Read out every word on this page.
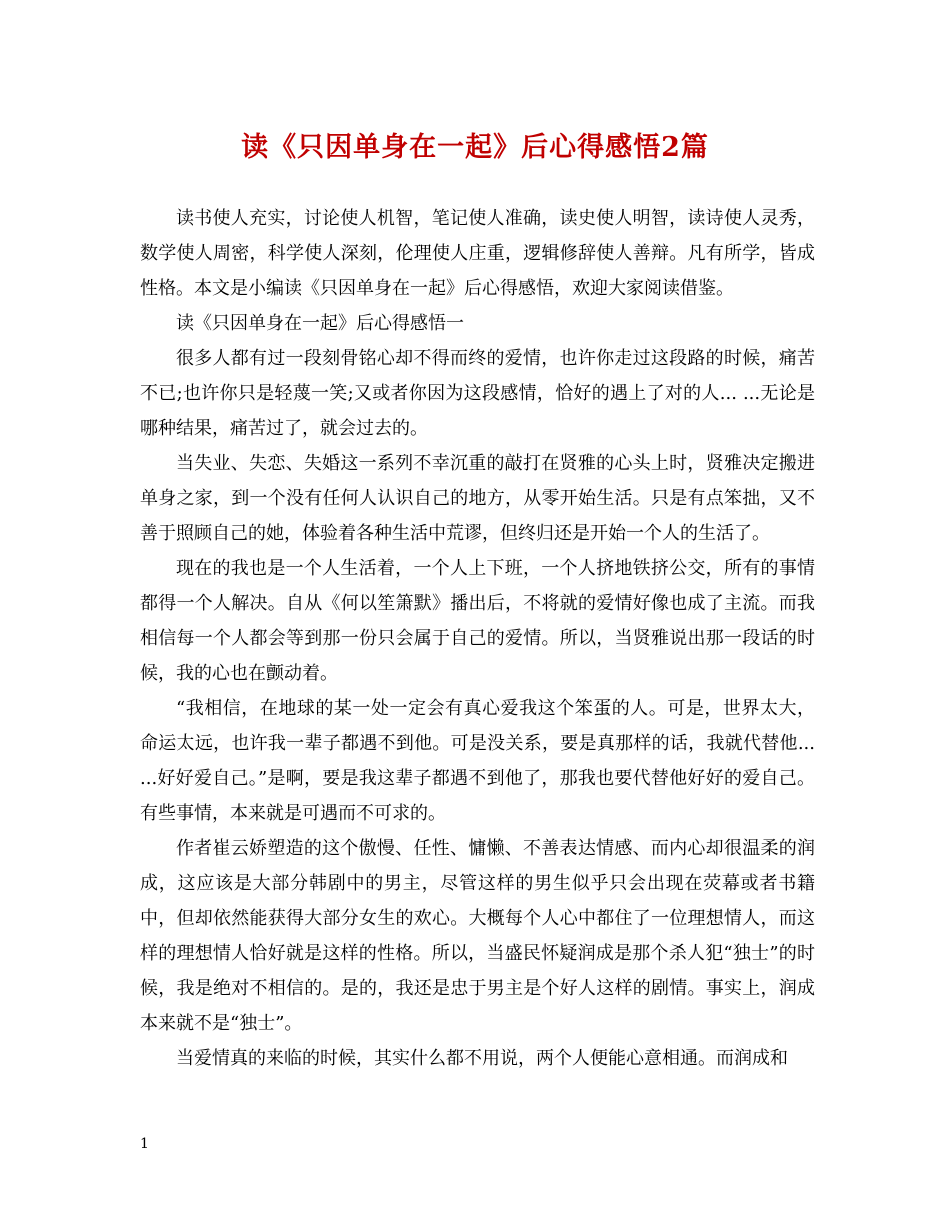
读《只因单身在一起》后心得感悟2篇

读书使人充实，讨论使人机智，笔记使人准确，读史使人明智，读诗使人灵秀，数学使人周密，科学使人深刻，伦理使人庄重，逻辑修辞使人善辩。凡有所学，皆成性格。本文是小编读《只因单身在一起》后心得感悟，欢迎大家阅读借鉴。

读《只因单身在一起》后心得感悟一

很多人都有过一段刻骨铭心却不得而终的爱情，也许你走过这段路的时候，痛苦不已;也许你只是轻蔑一笑;又或者你因为这段感情，恰好的遇上了对的人... ...无论是哪种结果，痛苦过了，就会过去的。

当失业、失恋、失婚这一系列不幸沉重的敲打在贤雅的心头上时，贤雅决定搬进单身之家，到一个没有任何人认识自己的地方，从零开始生活。只是有点笨拙，又不善于照顾自己的她，体验着各种生活中荒谬，但终归还是开始一个人的生活了。

现在的我也是一个人生活着，一个人上下班，一个人挤地铁挤公交，所有的事情都得一个人解决。自从《何以笙箫默》播出后，不将就的爱情好像也成了主流。而我相信每一个人都会等到那一份只会属于自己的爱情。所以，当贤雅说出那一段话的时候，我的心也在颤动着。

“我相信，在地球的某一处一定会有真心爱我这个笨蛋的人。可是，世界太大，命运太远，也许我一辈子都遇不到他。可是没关系，要是真那样的话，我就代替他... ...好好爱自己。”是啊，要是我这辈子都遇不到他了，那我也要代替他好好的爱自己。有些事情，本来就是可遇而不可求的。

作者崔云娇塑造的这个傲慢、任性、慵懒、不善表达情感、而内心却很温柔的润成，这应该是大部分韩剧中的男主，尽管这样的男生似乎只会出现在荧幕或者书籍中，但却依然能获得大部分女生的欢心。大概每个人心中都住了一位理想情人，而这样的理想情人恰好就是这样的性格。所以，当盛民怀疑润成是那个杀人犯“独士”的时候，我是绝对不相信的。是的，我还是忠于男主是个好人这样的剧情。事实上，润成本来就不是“独士”。

当爱情真的来临的时候，其实什么都不用说，两个人便能心意相通。而润成和

1
